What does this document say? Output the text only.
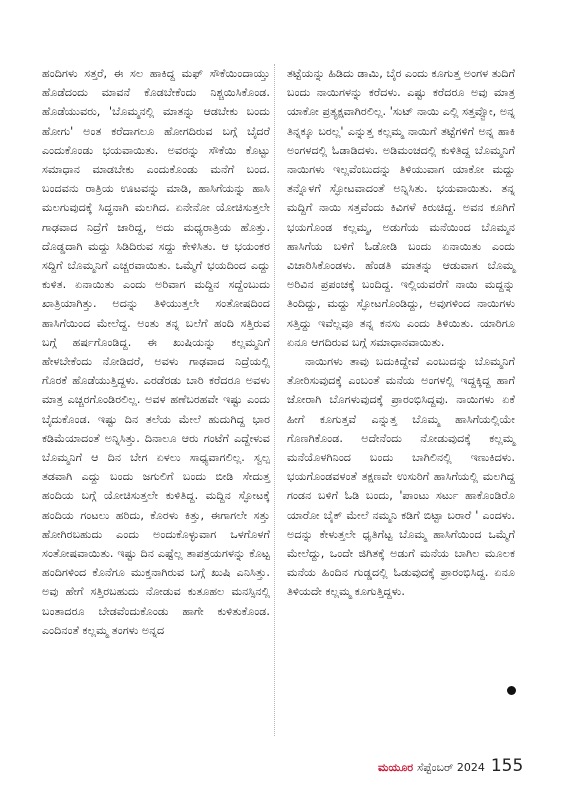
ಹಂದಿಗಳು ಸತ್ತರೆ, ಈ ಸಲ ಹಾಕಿದ್ದ ಮಫ್ ಸೌಕೆಯಿಂದಾಯ್ತು ಹೊಡೆದಂದು ಮಾವನೆ ಕೊಡಬೇಕೆಂದು ನಿಶ್ಚಯಿಸಿಕೊಂಡ. ಹೊಡೆಯುವರು, 'ಬೊಮ್ಮನಲ್ಲಿ ಮಾತನ್ನು ಆಡಬೇಕು ಬಂದು ಹೋಗು' ಅಂತ ಕರೆದಾಗಲೂ ಹೋಗದಿರುವ ಬಗ್ಗೆ ಬೈದರೆ ಎಂದುಕೊಂಡು ಭಯವಾಯಿತು. ಅವರನ್ನು ಸೌಕೆಯಿ ಕೊಟ್ಟು ಸಮಾಧಾನ ಮಾಡಬೇಕು ಎಂದುಕೊಂಡು ಮನೆಗೆ ಬಂದ. ಬಂದವನು ರಾತ್ರಿಯ ಊಟವನ್ನು ಮಾಡಿ, ಹಾಸಿಗೆಯನ್ನು ಹಾಸಿ ಮಲಗುವುದಕ್ಕೆ ಸಿದ್ಧನಾಗಿ ಮಲಗಿದ. ಏನೇನೋ ಯೋಚಿಸುತ್ತಲೇ ಗಾಢವಾದ ನಿದ್ರೆಗೆ ಜಾರಿದ್ದ, ಅದು ಮಧ್ಯರಾತ್ರಿಯ ಹೊತ್ತು. ದೊಡ್ಡದಾಗಿ ಮದ್ದು ಸಿಡಿದಿರುವ ಸದ್ದು ಕೇಳಿಸಿತು. ಆ ಭಯಂಕರ ಸದ್ದಿಗೆ ಬೊಮ್ಮನಿಗೆ ಎಚ್ಚರವಾಯಿತು. ಒಮ್ಮೆಗೆ ಭಯದಿಂದ ಎದ್ದು ಕುಳಿತ. ಏನಾಯಿತು ಎಂದು ಅರಿವಾಗ ಮದ್ದಿನ ಸದ್ದೆಂಬುದು ಖಾತ್ರಿಯಾಗಿತ್ತು. ಅದನ್ನು ತಿಳಿಯುತ್ತಲೇ ಸಂತೋಷದಿಂದ ಹಾಸಿಗೆಯಿಂದ ಮೇಲೆದ್ದ. ಅಂತು ತನ್ನ ಬಲೆಗೆ ಹಂದಿ ಸತ್ತಿರುವ ಬಗ್ಗೆ ಹರ್ಷಗೊಂಡಿದ್ದ. ಈ ಖುಷಿಯನ್ನು ಕಲ್ಲಮ್ಮನಿಗೆ ಹೇಳಬೇಕೆಂದು ನೋಡಿದರೆ, ಅವಳು ಗಾಢವಾದ ನಿದ್ರೆಯಲ್ಲಿ ಗೊರಕೆ ಹೊಡೆಯುತ್ತಿದ್ದಳು. ಎರಡೆರಡು ಬಾರಿ ಕರೆದರೂ ಅವಳು ಮಾತ್ರ ಎಚ್ಚರಗೊಂಡಿರಲಿಲ್ಲ. ಅವಳ ಹಣೆಬರಹವೇ ಇಷ್ಟು ಎಂದು ಬೈದುಕೊಂಡ. ಇಷ್ಟು ದಿನ ತಲೆಯ ಮೇಲೆ ಹುದುಗಿದ್ದ ಭಾರ ಕಡಿಮೆಯಾದಂತೆ ಅನ್ನಿಸಿತ್ತು. ದಿನಾಲೂ ಆರು ಗಂಟೆಗೆ ಎದ್ದೇಳುವ ಬೊಮ್ಮನಿಗೆ ಆ ದಿನ ಬೇಗ ಏಳಲು ಸಾಧ್ಯವಾಗಲಿಲ್ಲ. ಸ್ವಲ್ಪ ತಡವಾಗಿ ಎದ್ದು ಬಂದು ಜಗುಲಿಗೆ ಬಂದು ಬೀಡಿ ಸೇದುತ್ತ ಹಂದಿಯ ಬಗ್ಗೆ ಯೋಚಿಸುತ್ತಲೇ ಕುಳಿತಿದ್ದ. ಮದ್ದಿನ ಸ್ಫೋಟಕ್ಕೆ ಹಂದಿಯ ಗಂಟಲು ಹರಿದು, ಕೊರಳು ಕಿತ್ತು, ಈಗಾಗಲೇ ಸತ್ತು ಹೋಗಿರಬಹುದು ಎಂದು ಅಂದುಕೊಳ್ಳುವಾಗ ಒಳಗೊಳಗೆ ಸಂತೋಷವಾಯಿತು. ಇಷ್ಟು ದಿನ ಎಷ್ಟೆಲ್ಲ ತಾಪತ್ರಯಗಳನ್ನು ಕೊಟ್ಟ ಹಂದಿಗಳಿಂದ ಕೊನೆಗೂ ಮುಕ್ತನಾಗಿರುವ ಬಗ್ಗೆ ಖುಷಿ ಎನಿಸಿತ್ತು. ಅವು ಹೇಗೆ ಸತ್ತಿರಬಹುದು ನೋಡುವ ಕುತೂಹಲ ಮನಸ್ಸಿನಲ್ಲಿ ಬಂತಾದರೂ ಬೇಡವೆಂದುಕೊಂಡು ಹಾಗೇ ಕುಳಿತುಕೊಂಡ. ಎಂದಿನಂತೆ ಕಲ್ಲಮ್ಮ ತಂಗಳು ಅನ್ನದ

ತಟ್ಟೆಯನ್ನು ಹಿಡಿದು ಡಾಮಿ, ಬೈರ ಎಂದು ಕೂಗುತ್ತ ಅಂಗಳ ತುದಿಗೆ ಬಂದು ನಾಯಿಗಳನ್ನು ಕರೆದಳು. ಎಷ್ಟು ಕರೆದರೂ ಅವು ಮಾತ್ರ ಯಾಕೋ ಪ್ರತ್ಯಕ್ಷವಾಗಿರಲಿಲ್ಲ. 'ಸುಟ್ ನಾಯಿ ಎಲ್ಲಿ ಸತ್ತವ್ವೋ, ಅನ್ನ ತಿನ್ನಕ್ಕೂ ಬರಲ್ಲ' ಎನ್ನುತ್ತ ಕಲ್ಲಮ್ಮ ನಾಯಿಗೆ ತಟ್ಟೆಗಳಿಗೆ ಅನ್ನ ಹಾಕಿ ಅಂಗಳದಲ್ಲಿ ಓಡಾಡಿದಳು. ಅಡಿಮಂಚದಲ್ಲಿ ಕುಳಿತಿದ್ದ ಬೊಮ್ಮನಿಗೆ ನಾಯಿಗಳು ಇಲ್ಲವೆಂಬುದನ್ನು ತಿಳಿಯುವಾಗ ಯಾಕೋ ಮದ್ದು ತನ್ನೊಳಗೆ ಸ್ಫೋಟವಾದಂತೆ ಅನ್ನಿಸಿತು. ಭಯವಾಯಿತು. ತನ್ನ ಮದ್ದಿಗೆ ನಾಯಿ ಸತ್ತವೆಂದು ಕಿವಿಗಳೆ ಕಿರುಚಿದ್ದ. ಅವನ ಕೂಗಿಗೆ ಭಯಗೊಂಡ ಕಲ್ಲಮ್ಮ, ಅಡುಗೆಯ ಮನೆಯಿಂದ ಬೊಮ್ಮನ ಹಾಸಿಗೆಯ ಬಳಿಗೆ ಓಡೋಡಿ ಬಂದು ಏನಾಯಿತು ಎಂದು ವಿಚಾರಿಸಿಕೊಂಡಳು. ಹೆಂಡತಿ ಮಾತನ್ನು ಆಡುವಾಗ ಬೊಮ್ಮ ಅರಿವಿನ ಪ್ರಪಂಚಕ್ಕೆ ಬಂದಿದ್ದ. ಇಲ್ಲಿಯವರೆಗೆ ನಾಯಿ ಮದ್ದನ್ನು ತಿಂದಿದ್ದು, ಮದ್ದು ಸ್ಫೋಟಗೊಂಡಿದ್ದು, ಅವುಗಳಿಂದ ನಾಯಿಗಳು ಸತ್ತಿದ್ದು ಇವೆಲ್ಲವೂ ತನ್ನ ಕನಸು ಎಂದು ತಿಳಿಯಿತು. ಯಾರಿಗೂ ಏನೂ ಆಗದಿರುವ ಬಗ್ಗೆ ಸಮಾಧಾನವಾಯಿತು.

ನಾಯಿಗಳು ತಾವು ಬದುಕಿದ್ದೇವೆ ಎಂಬುದನ್ನು ಬೊಮ್ಮನಿಗೆ ತೋರಿಸುವುದಕ್ಕೆ ಎಂಬಂತೆ ಮನೆಯ ಅಂಗಳಲ್ಲಿ ಇದ್ದಕ್ಕಿದ್ದ ಹಾಗೆ ಜೋರಾಗಿ ಬೊಗಳುವುದಕ್ಕೆ ಪ್ರಾರಂಭಿಸಿದ್ದವು. ನಾಯಿಗಳು ಏಕೆ ಹೀಗೆ ಕೂಗುತ್ತವೆ ಎನ್ನುತ್ತ ಬೊಮ್ಮ ಹಾಸಿಗೆಯಲ್ಲಿಯೇ ಗೊಣಗಿಕೊಂಡ. ಅದೇನೆಂದು ನೋಡುವುದಕ್ಕೆ ಕಲ್ಲಮ್ಮ ಮನೆಯೊಳಗಿನಿಂದ ಬಂದು ಬಾಗಿಲಿನಲ್ಲಿ ಇಣುಕಿದಳು. ಭಯಗೊಂಡವಳಂತೆ ತಕ್ಷಣವೇ ಉಸುರಿಗೆ ಹಾಸಿಗೆಯಲ್ಲಿ ಮಲಗಿದ್ದ ಗಂಡನ ಬಳಿಗೆ ಓಡಿ ಬಂದು, 'ಪಾಂಟು ಸರ್ಟು ಹಾಕೊಂಡಿರೊ ಯಾರೋ ಬೈಕ್ ಮೇಲೆ ನಮ್ಮನಿ ಕಡಿಗೆ ಬಿಟ್ಟಾ ಬರಾರೆ ' ಎಂದಳು. ಅದನ್ನು ಕೇಳುತ್ತಲೇ ಧೃತಿಗೆಟ್ಟ ಬೊಮ್ಮ ಹಾಸಿಗೆಯಿಂದ ಒಮ್ಮೆಗೆ ಮೇಲೆದ್ದು, ಒಂದೇ ಜಿಗಿತಕ್ಕೆ ಅಡುಗೆ ಮನೆಯ ಬಾಗಿಲ ಮೂಲಕ ಮನೆಯ ಹಿಂದಿನ ಗುಡ್ಡದಲ್ಲಿ ಓಡುವುದಕ್ಕೆ ಪ್ರಾರಂಭಿಸಿದ್ದ. ಏನೂ ತಿಳಿಯದೇ ಕಲ್ಲಮ್ಮ ಕೂಗುತ್ತಿದ್ದಳು.

ಮಯೂರ ಸೆಪ್ಟೆಂಬರ್ 2024 155
